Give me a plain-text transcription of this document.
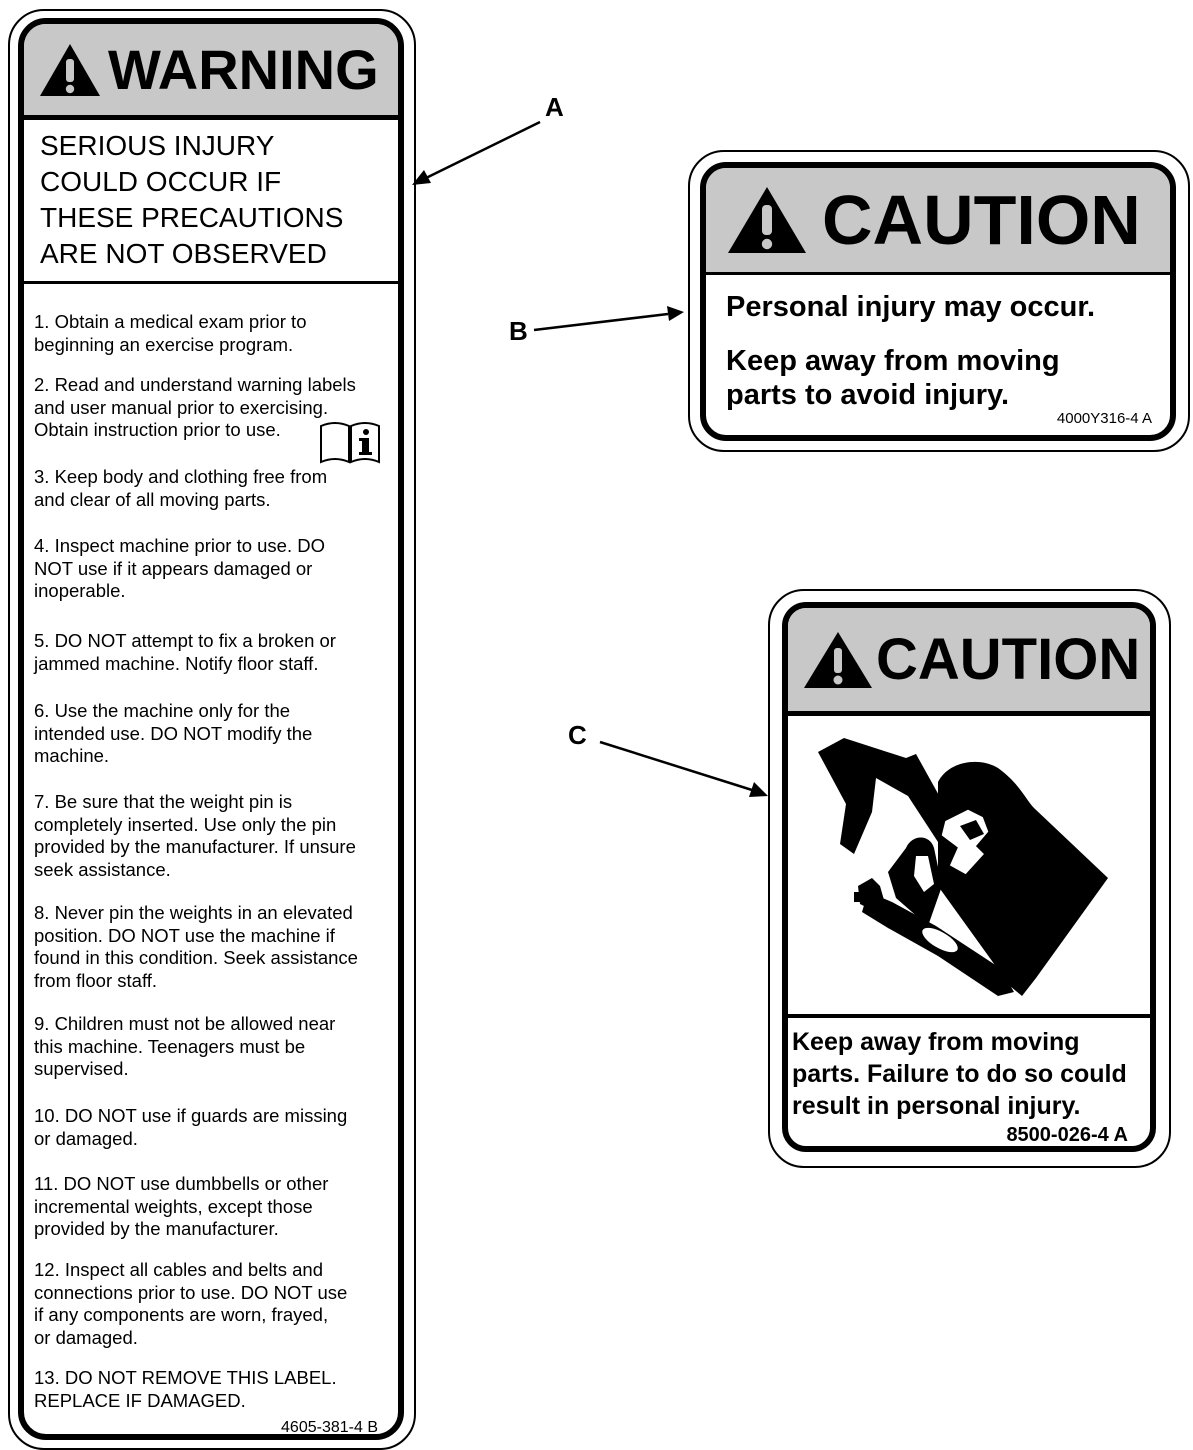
WARNING
SERIOUS INJURY
COULD OCCUR IF
THESE PRECAUTIONS
ARE NOT OBSERVED
1. Obtain a medical exam prior to
beginning an exercise program.
2. Read and understand warning labels
and user manual prior to exercising.
Obtain instruction prior to use.
3. Keep body and clothing free from
and clear of all moving parts.
4. Inspect machine prior to use. DO
NOT use if it appears damaged or
inoperable.
5. DO NOT attempt to fix a broken or
jammed machine. Notify floor staff.
6. Use the machine only for the
intended use. DO NOT modify the
machine.
7. Be sure that the weight pin is
completely inserted. Use only the pin
provided by the manufacturer. If unsure
seek assistance.
8. Never pin the weights in an elevated
position. DO NOT use the machine if
found in this condition. Seek assistance
from floor staff.
9. Children must not be allowed near
this machine. Teenagers must be
supervised.
10. DO NOT use if guards are missing
or damaged.
11. DO NOT use dumbbells or other
incremental weights, except those
provided by the manufacturer.
12. Inspect all cables and belts and
connections prior to use. DO NOT use
if any components are worn, frayed,
or damaged.
13. DO NOT REMOVE THIS LABEL.
REPLACE IF DAMAGED.
4605-381-4 B
A
CAUTION
Personal injury may occur.
Keep away from moving
parts to avoid injury.
4000Y316-4 A
B
CAUTION
Keep away from moving
parts. Failure to do so could
result in personal injury.
8500-026-4 A
C
